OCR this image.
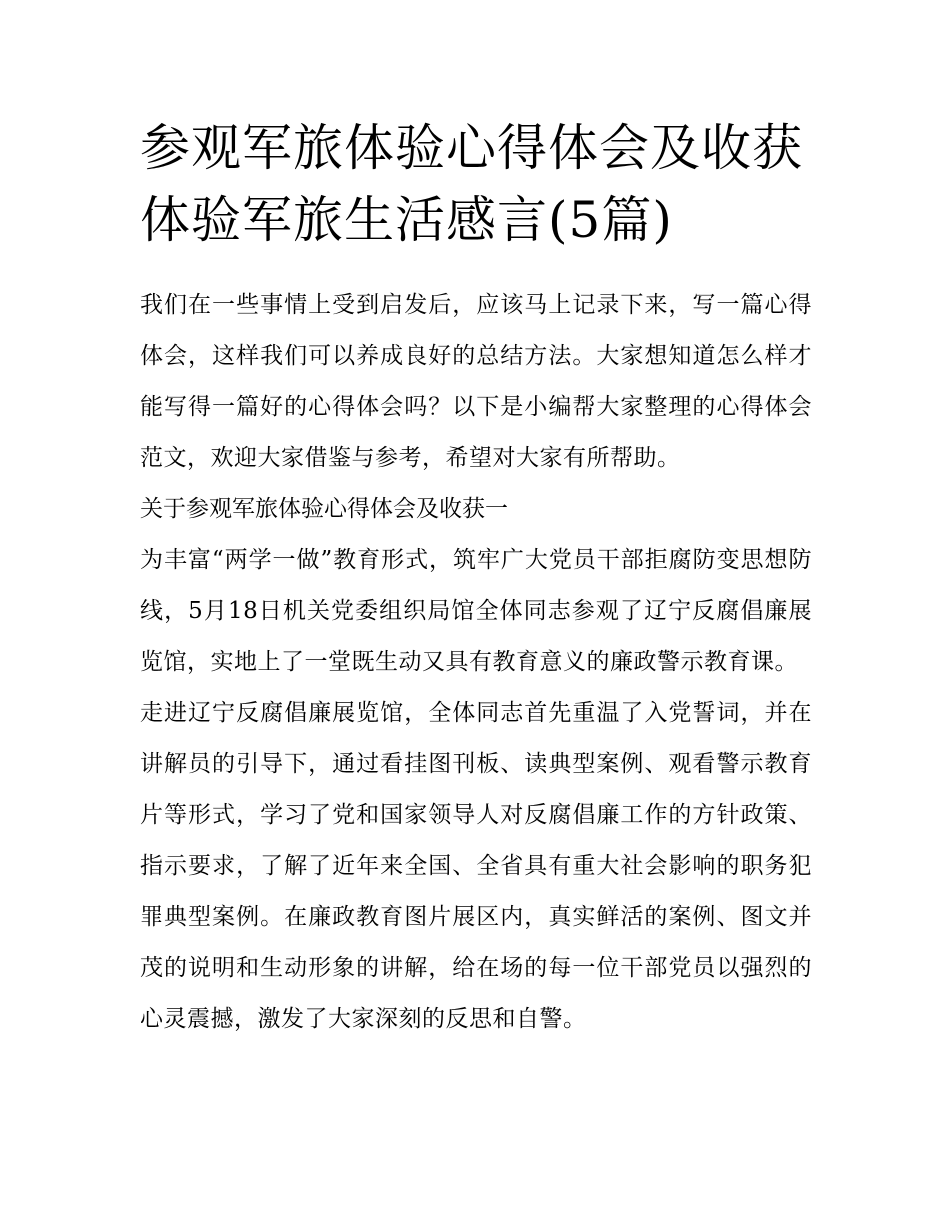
参观军旅体验心得体会及收获
体验军旅生活感言(5篇)

我们在一些事情上受到启发后，应该马上记录下来，写一篇心得体会，这样我们可以养成良好的总结方法。大家想知道怎么样才能写得一篇好的心得体会吗？以下是小编帮大家整理的心得体会范文，欢迎大家借鉴与参考，希望对大家有所帮助。

关于参观军旅体验心得体会及收获一

为丰富“两学一做”教育形式，筑牢广大党员干部拒腐防变思想防线，5月18日机关党委组织局馆全体同志参观了辽宁反腐倡廉展览馆，实地上了一堂既生动又具有教育意义的廉政警示教育课。

走进辽宁反腐倡廉展览馆，全体同志首先重温了入党誓词，并在讲解员的引导下，通过看挂图刊板、读典型案例、观看警示教育片等形式，学习了党和国家领导人对反腐倡廉工作的方针政策、指示要求，了解了近年来全国、全省具有重大社会影响的职务犯罪典型案例。在廉政教育图片展区内，真实鲜活的案例、图文并茂的说明和生动形象的讲解，给在场的每一位干部党员以强烈的心灵震撼，激发了大家深刻的反思和自警。
